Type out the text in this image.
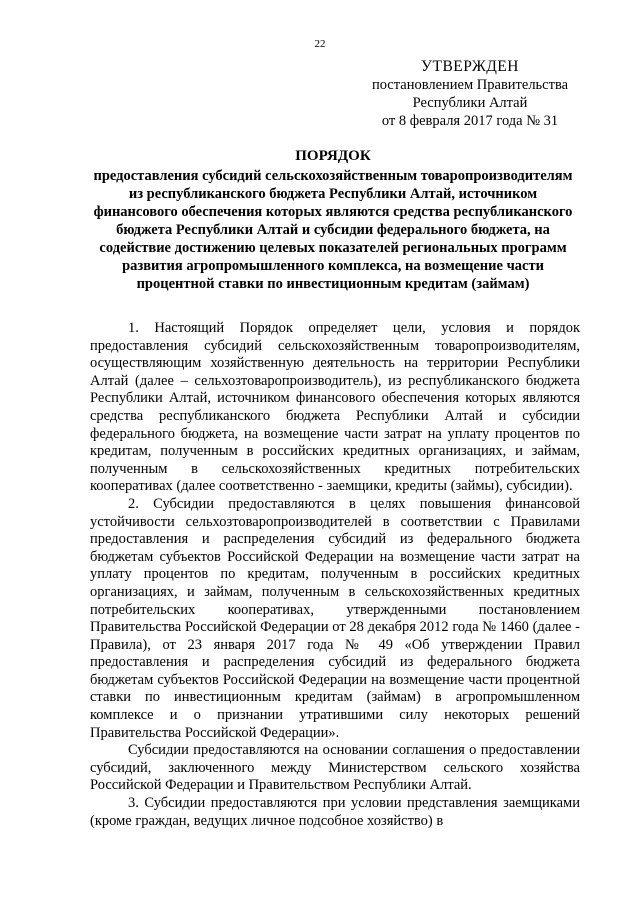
22
УТВЕРЖДЕН
постановлением Правительства
Республики Алтай
от 8 февраля 2017 года № 31
ПОРЯДОК
предоставления субсидий сельскохозяйственным товаропроизводителям из республиканского бюджета Республики Алтай, источником финансового обеспечения которых являются средства республиканского бюджета Республики Алтай и субсидии федерального бюджета, на содействие достижению целевых показателей региональных программ развития агропромышленного комплекса, на возмещение части процентной ставки по инвестиционным кредитам (займам)

1. Настоящий Порядок определяет цели, условия и порядок предоставления субсидий сельскохозяйственным товаропроизводителям, осуществляющим хозяйственную деятельность на территории Республики Алтай (далее – сельхозтоваропроизводитель), из республиканского бюджета Республики Алтай, источником финансового обеспечения которых являются средства республиканского бюджета Республики Алтай и субсидии федерального бюджета, на возмещение части затрат на уплату процентов по кредитам, полученным в российских кредитных организациях, и займам, полученным в сельскохозяйственных кредитных потребительских кооперативах (далее соответственно - заемщики, кредиты (займы), субсидии).

2. Субсидии предоставляются в целях повышения финансовой устойчивости сельхозтоваропроизводителей в соответствии с Правилами предоставления и распределения субсидий из федерального бюджета бюджетам субъектов Российской Федерации на возмещение части затрат на уплату процентов по кредитам, полученным в российских кредитных организациях, и займам, полученным в сельскохозяйственных кредитных потребительских кооперативах, утвержденными постановлением Правительства Российской Федерации от 28 декабря 2012 года № 1460 (далее - Правила), от 23 января 2017 года № 49 «Об утверждении Правил предоставления и распределения субсидий из федерального бюджета бюджетам субъектов Российской Федерации на возмещение части процентной ставки по инвестиционным кредитам (займам) в агропромышленном комплексе и о признании утратившими силу некоторых решений Правительства Российской Федерации».

Субсидии предоставляются на основании соглашения о предоставлении субсидий, заключенного между Министерством сельского хозяйства Российской Федерации и Правительством Республики Алтай.

3. Субсидии предоставляются при условии представления заемщиками (кроме граждан, ведущих личное подсобное хозяйство) в
